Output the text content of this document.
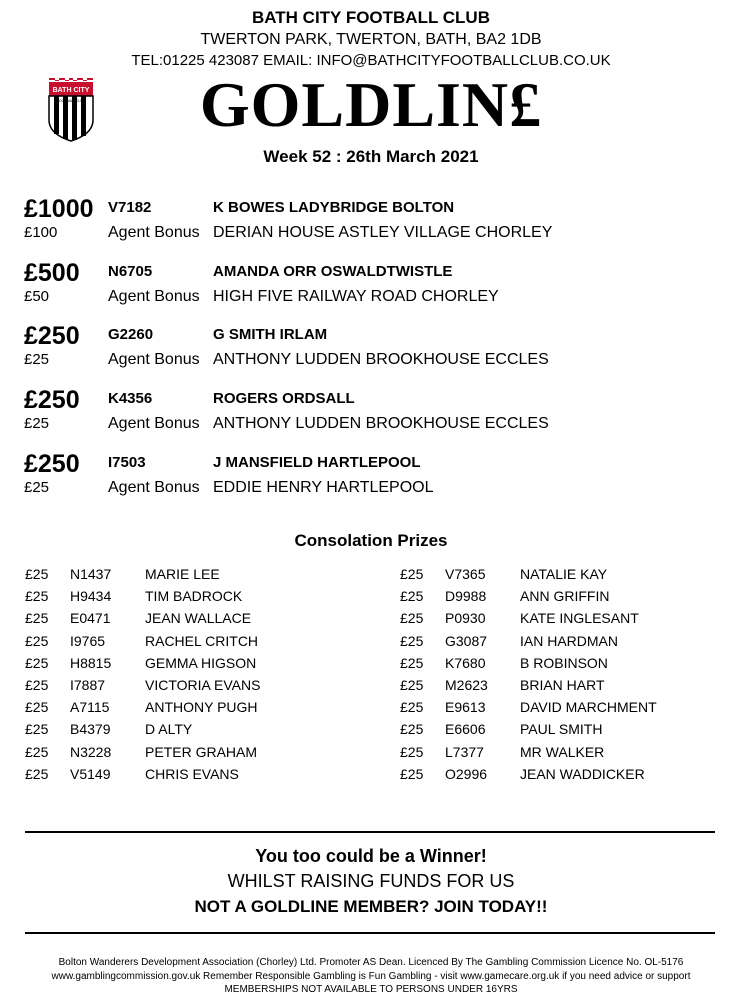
BATH CITY FOOTBALL CLUB
TWERTON PARK, TWERTON, BATH, BA2 1DB
TEL:01225 423087 EMAIL: INFO@BATHCITYFOOTBALLCLUB.CO.UK
BATH CITY
FOOTBALL CLUB	GOLDLIN£
Week 52 : 26th March 2021
£1000 V7182	K BOWES LADYBRIDGE BOLTON
£100	Agent Bonus DERIAN HOUSE ASTLEY VILLAGE CHORLEY
£500 N6705	AMANDA ORR OSWALDTWISTLE
£50	Agent Bonus HIGH FIVE RAILWAY ROAD CHORLEY
£250 G2260	G SMITH IRLAM
£25	Agent Bonus ANTHONY LUDDEN BROOKHOUSE ECCLES
£250 K4356	ROGERS ORDSALL
£25	Agent Bonus ANTHONY LUDDEN BROOKHOUSE ECCLES
£250 I7503	J MANSFIELD HARTLEPOOL
£25	Agent Bonus EDDIE HENRY HARTLEPOOL
Consolation Prizes
£25 N1437 MARIE LEE
£25 H9434 TIM BADROCK
£25 E0471 JEAN WALLACE
£25 I9765	RACHEL CRITCH
£25 H8815 GEMMA HIGSON
£25 I7887	VICTORIA EVANS
£25 A7115	ANTHONY PUGH
£25 B4379 D ALTY
£25 N3228 PETER GRAHAM
£25 V5149 CHRIS EVANS
£25 V7365 NATALIE KAY
£25 D9988 ANN GRIFFIN
£25 P0930 KATE INGLESANT
£25 G3087 IAN HARDMAN
£25 K7680 B ROBINSON
£25 M2623 BRIAN HART
£25 E9613 DAVID MARCHMENT
£25 E6606 PAUL SMITH
£25 L7377	MR WALKER
£25 O2996 JEAN WADDICKER
You too could be a Winner!
WHILST RAISING FUNDS FOR US
NOT A GOLDLINE MEMBER? JOIN TODAY!!
Bolton Wanderers Development Association (Chorley) Ltd. Promoter AS Dean. Licenced By The Gambling Commission Licence No. OL-5176
www.gamblingcommission.gov.uk Remember Responsible Gambling is Fun Gambling - visit www.gamecare.org.uk if you need advice or support
MEMBERSHIPS NOT AVAILABLE TO PERSONS UNDER 16YRS
